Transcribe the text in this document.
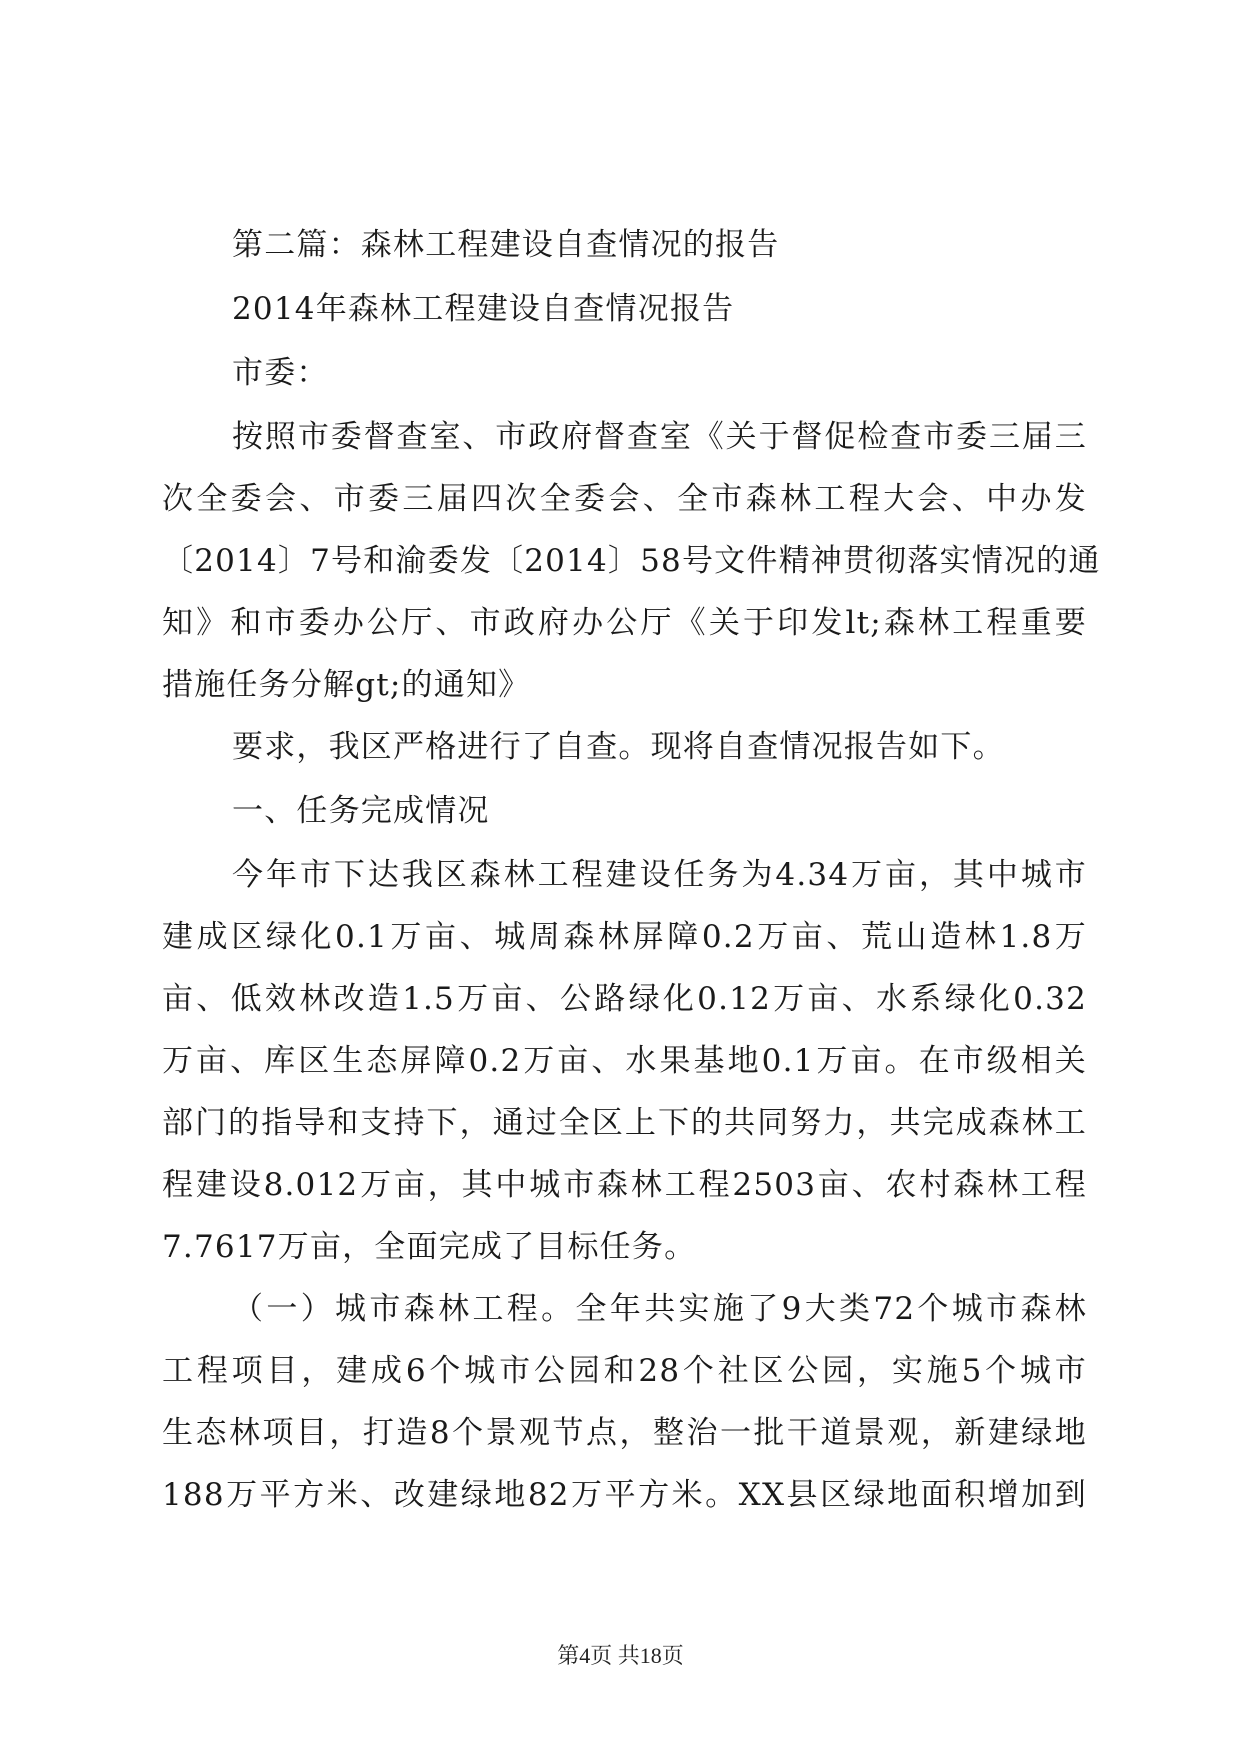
第二篇：森林工程建设自查情况的报告

2014年森林工程建设自查情况报告

市委：

按照市委督查室、市政府督查室《关于督促检查市委三届三

次全委会、市委三届四次全委会、全市森林工程大会、中办发

〔2014〕7号和渝委发〔2014〕58号文件精神贯彻落实情况的通

知》和市委办公厅、市政府办公厅《关于印发lt;森林工程重要

措施任务分解gt;的通知》

要求，我区严格进行了自查。现将自查情况报告如下。

一、任务完成情况

今年市下达我区森林工程建设任务为4.34万亩，其中城市

建成区绿化0.1万亩、城周森林屏障0.2万亩、荒山造林1.8万

亩、低效林改造1.5万亩、公路绿化0.12万亩、水系绿化0.32

万亩、库区生态屏障0.2万亩、水果基地0.1万亩。在市级相关

部门的指导和支持下，通过全区上下的共同努力，共完成森林工

程建设8.012万亩，其中城市森林工程2503亩、农村森林工程

7.7617万亩，全面完成了目标任务。

（一）城市森林工程。全年共实施了9大类72个城市森林

工程项目，建成6个城市公园和28个社区公园，实施5个城市

生态林项目，打造8个景观节点，整治一批干道景观，新建绿地

188万平方米、改建绿地82万平方米。XX县区绿地面积增加到

第4页 共18页
